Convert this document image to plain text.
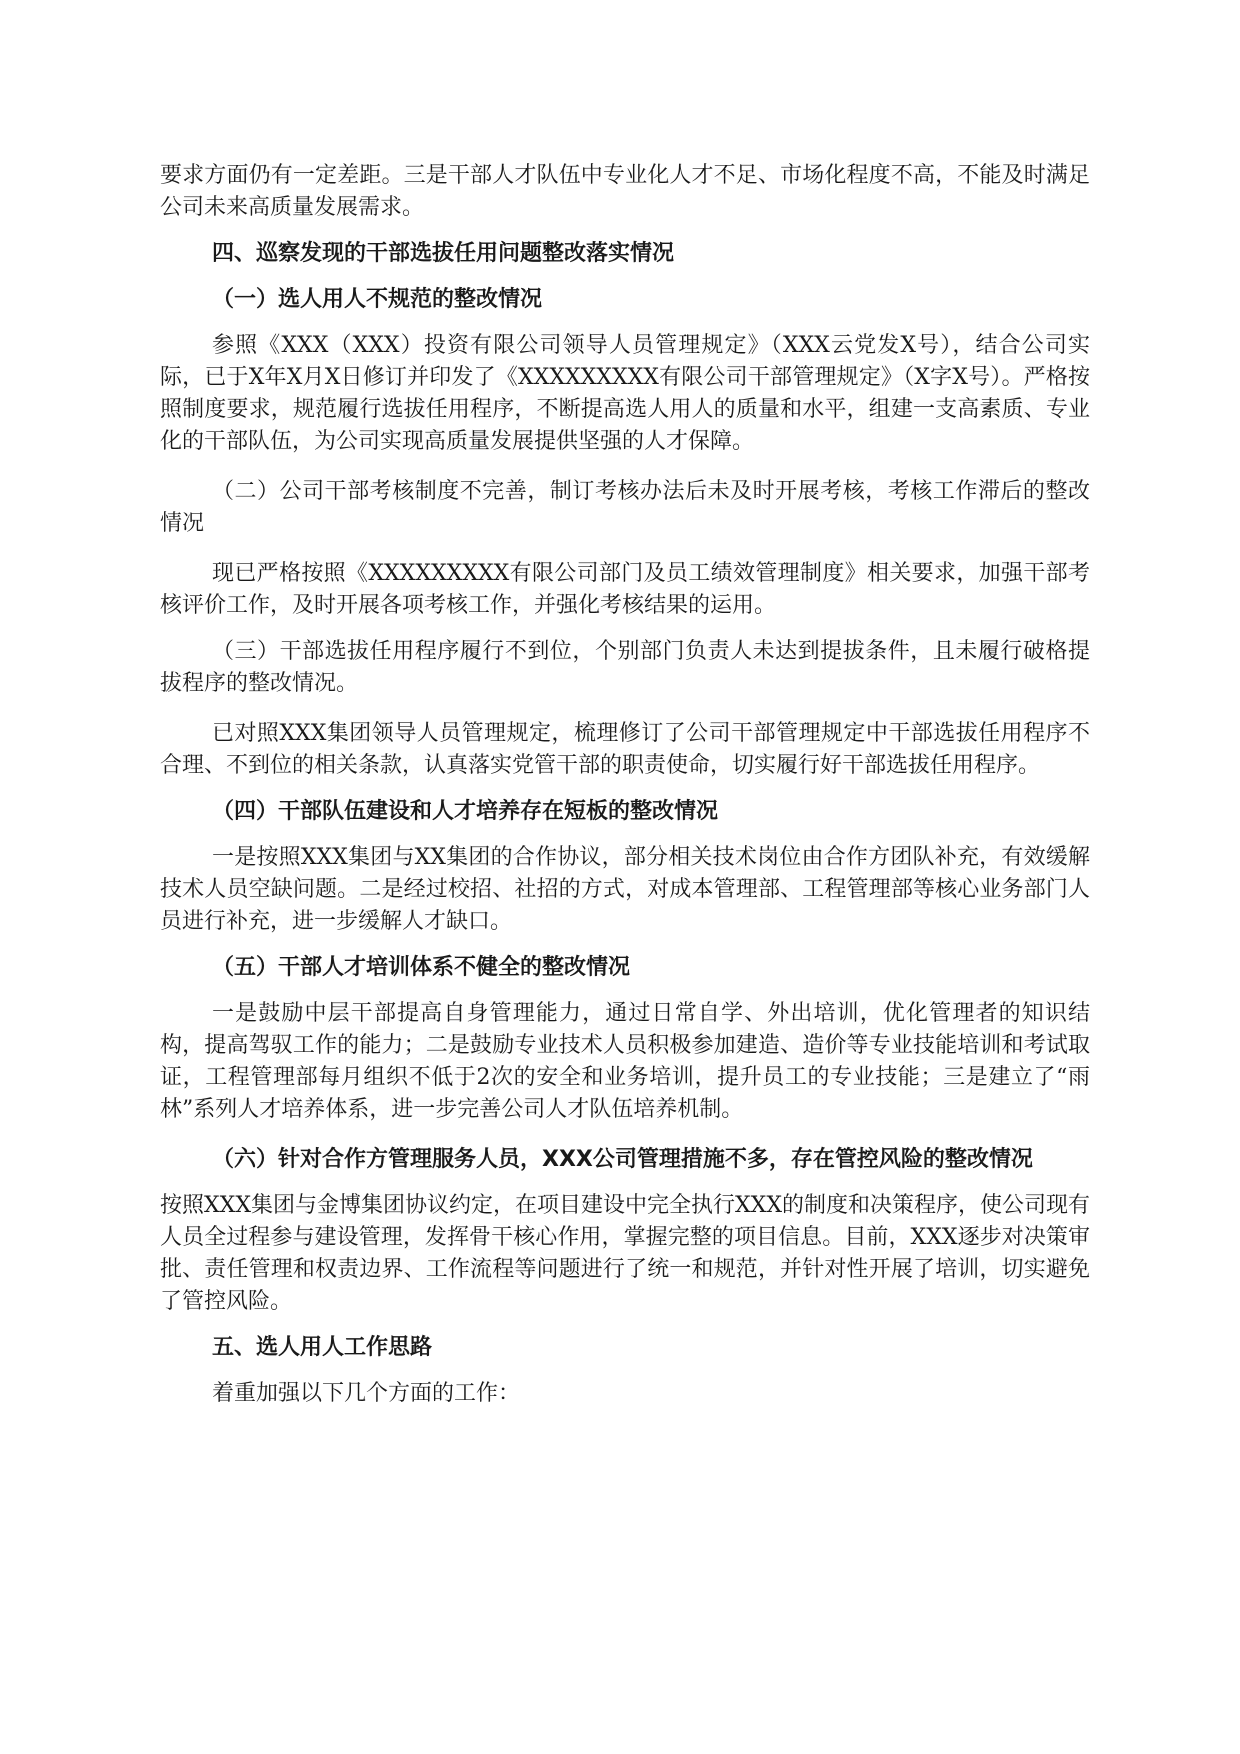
要求方面仍有一定差距。三是干部人才队伍中专业化人才不足、市场化程度不高，不能及时满足公司未来高质量发展需求。

四、巡察发现的干部选拔任用问题整改落实情况
（一）选人用人不规范的整改情况

参照《XXX（XXX）投资有限公司领导人员管理规定》（XXX云党发X号），结合公司实际，已于X年X月X日修订并印发了《XXXXXXXXX有限公司干部管理规定》（X字X号）。严格按照制度要求，规范履行选拔任用程序，不断提高选人用人的质量和水平，组建一支高素质、专业化的干部队伍，为公司实现高质量发展提供坚强的人才保障。

（二）公司干部考核制度不完善，制订考核办法后未及时开展考核，考核工作滞后的整改情况

现已严格按照《XXXXXXXXX有限公司部门及员工绩效管理制度》相关要求，加强干部考核评价工作，及时开展各项考核工作，并强化考核结果的运用。

（三）干部选拔任用程序履行不到位，个别部门负责人未达到提拔条件，且未履行破格提拔程序的整改情况。

已对照XXX集团领导人员管理规定，梳理修订了公司干部管理规定中干部选拔任用程序不合理、不到位的相关条款，认真落实党管干部的职责使命，切实履行好干部选拔任用程序。

（四）干部队伍建设和人才培养存在短板的整改情况

一是按照XXX集团与XX集团的合作协议，部分相关技术岗位由合作方团队补充，有效缓解技术人员空缺问题。二是经过校招、社招的方式，对成本管理部、工程管理部等核心业务部门人员进行补充，进一步缓解人才缺口。

（五）干部人才培训体系不健全的整改情况

一是鼓励中层干部提高自身管理能力，通过日常自学、外出培训，优化管理者的知识结构，提高驾驭工作的能力；二是鼓励专业技术人员积极参加建造、造价等专业技能培训和考试取证，工程管理部每月组织不低于2次的安全和业务培训，提升员工的专业技能；三是建立了“雨林”系列人才培养体系，进一步完善公司人才队伍培养机制。

（六）针对合作方管理服务人员，XXX公司管理措施不多，存在管控风险的整改情况

按照XXX集团与金博集团协议约定，在项目建设中完全执行XXX的制度和决策程序，使公司现有人员全过程参与建设管理，发挥骨干核心作用，掌握完整的项目信息。目前，XXX逐步对决策审批、责任管理和权责边界、工作流程等问题进行了统一和规范，并针对性开展了培训，切实避免了管控风险。

五、选人用人工作思路

着重加强以下几个方面的工作：
